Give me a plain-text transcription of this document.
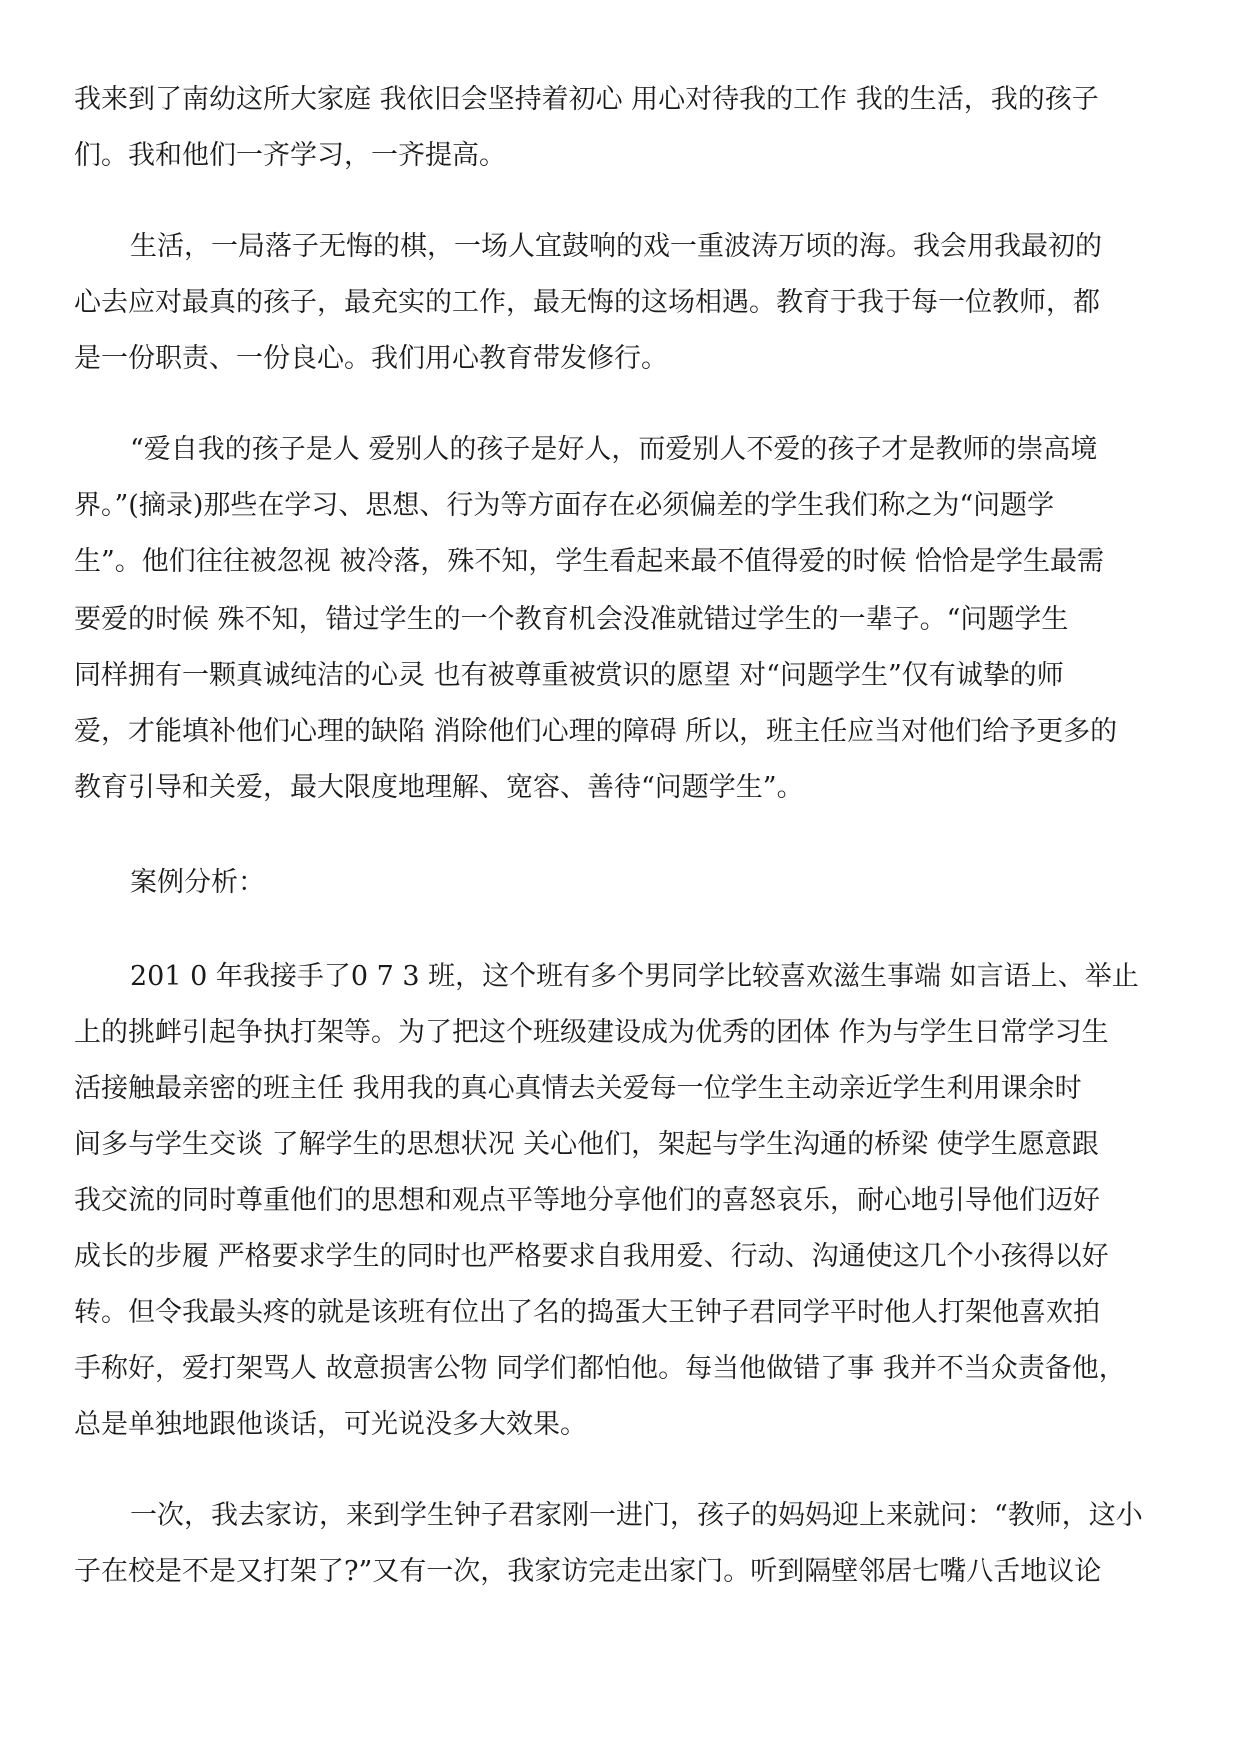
我来到了南幼这所大家庭 我依旧会坚持着初心 用心对待我的工作 我的生活，我的孩子
们。我和他们一齐学习，一齐提高。
生活，一局落子无悔的棋，一场人宜鼓响的戏一重波涛万顷的海。我会用我最初的
心去应对最真的孩子，最充实的工作，最无悔的这场相遇。教育于我于每一位教师，都
是一份职责、一份良心。我们用心教育带发修行。
“爱自我的孩子是人 爱别人的孩子是好人，而爱别人不爱的孩子才是教师的崇高境
界。”(摘录)那些在学习、思想、行为等方面存在必须偏差的学生我们称之为“问题学
生”。他们往往被忽视 被冷落，殊不知，学生看起来最不值得爱的时候 恰恰是学生最需
要爱的时候 殊不知，错过学生的一个教育机会没准就错过学生的一辈子。“问题学生
同样拥有一颗真诚纯洁的心灵 也有被尊重被赏识的愿望 对“问题学生”仅有诚挚的师
爱，才能填补他们心理的缺陷 消除他们心理的障碍 所以，班主任应当对他们给予更多的
教育引导和关爱，最大限度地理解、宽容、善待“问题学生”。
案例分析：
201 0 年我接手了0 7 3 班，这个班有多个男同学比较喜欢滋生事端 如言语上、举止
上的挑衅引起争执打架等。为了把这个班级建设成为优秀的团体 作为与学生日常学习生
活接触最亲密的班主任 我用我的真心真情去关爱每一位学生主动亲近学生利用课余时
间多与学生交谈 了解学生的思想状况 关心他们，架起与学生沟通的桥梁 使学生愿意跟
我交流的同时尊重他们的思想和观点平等地分享他们的喜怒哀乐，耐心地引导他们迈好
成长的步履 严格要求学生的同时也严格要求自我用爱、行动、沟通使这几个小孩得以好
转。但令我最头疼的就是该班有位出了名的捣蛋大王钟子君同学平时他人打架他喜欢拍
手称好，爱打架骂人 故意损害公物 同学们都怕他。每当他做错了事 我并不当众责备他，
总是单独地跟他谈话，可光说没多大效果。
一次，我去家访，来到学生钟子君家刚一进门，孩子的妈妈迎上来就问：“教师，这小
子在校是不是又打架了?”又有一次，我家访完走出家门。听到隔壁邻居七嘴八舌地议论
